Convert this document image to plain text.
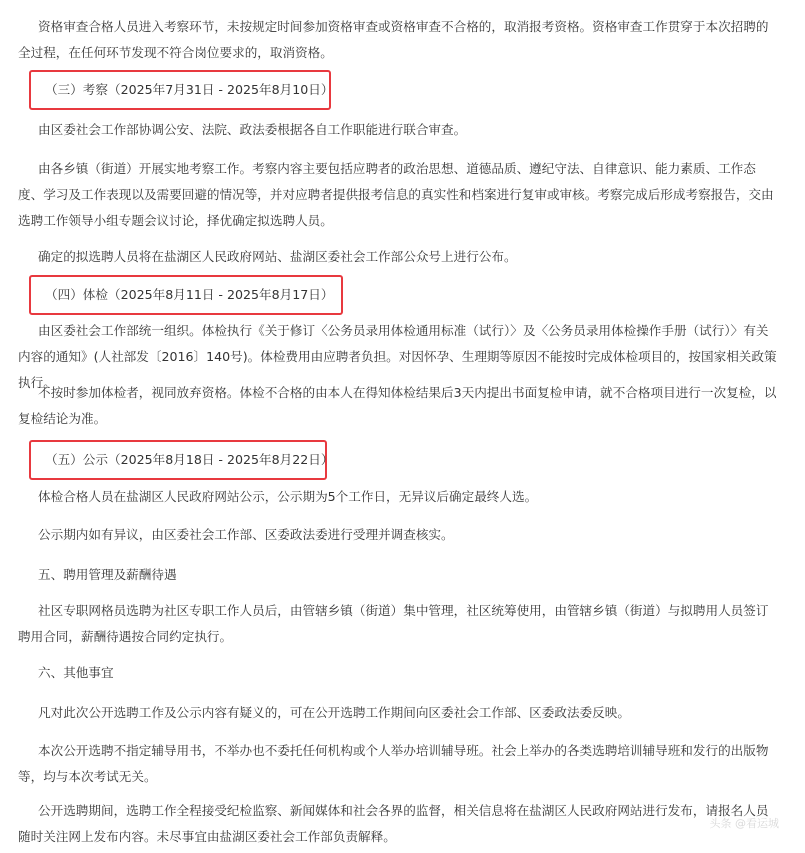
资格审查合格人员进入考察环节，未按规定时间参加资格审查或资格审查不合格的，取消报考资格。资格审查工作贯穿于本次招聘的全过程，在任何环节发现不符合岗位要求的，取消资格。

（三）考察（2025年7月31日 - 2025年8月10日）

由区委社会工作部协调公安、法院、政法委根据各自工作职能进行联合审查。

由各乡镇（街道）开展实地考察工作。考察内容主要包括应聘者的政治思想、道德品质、遵纪守法、自律意识、能力素质、工作态度、学习及工作表现以及需要回避的情况等，并对应聘者提供报考信息的真实性和档案进行复审或审核。考察完成后形成考察报告，交由选聘工作领导小组专题会议讨论，择优确定拟选聘人员。

确定的拟选聘人员将在盐湖区人民政府网站、盐湖区委社会工作部公众号上进行公布。

（四）体检（2025年8月11日 - 2025年8月17日）

由区委社会工作部统一组织。体检执行《关于修订〈公务员录用体检通用标准（试行）〉及〈公务员录用体检操作手册（试行）〉有关内容的通知》(人社部发〔2016〕140号)。体检费用由应聘者负担。对因怀孕、生理期等原因不能按时完成体检项目的，按国家相关政策执行。

不按时参加体检者，视同放弃资格。体检不合格的由本人在得知体检结果后3天内提出书面复检申请，就不合格项目进行一次复检，以复检结论为准。

（五）公示（2025年8月18日 - 2025年8月22日）

体检合格人员在盐湖区人民政府网站公示，公示期为5个工作日，无异议后确定最终人选。

公示期内如有异议，由区委社会工作部、区委政法委进行受理并调查核实。

五、聘用管理及薪酬待遇

社区专职网格员选聘为社区专职工作人员后，由管辖乡镇（街道）集中管理，社区统筹使用，由管辖乡镇（街道）与拟聘用人员签订聘用合同，薪酬待遇按合同约定执行。

六、其他事宜

凡对此次公开选聘工作及公示内容有疑义的，可在公开选聘工作期间向区委社会工作部、区委政法委反映。

本次公开选聘不指定辅导用书，不举办也不委托任何机构或个人举办培训辅导班。社会上举办的各类选聘培训辅导班和发行的出版物等，均与本次考试无关。

公开选聘期间，选聘工作全程接受纪检监察、新闻媒体和社会各界的监督，相关信息将在盐湖区人民政府网站进行发布，请报名人员随时关注网上发布内容。未尽事宜由盐湖区委社会工作部负责解释。

头条 @看运城
